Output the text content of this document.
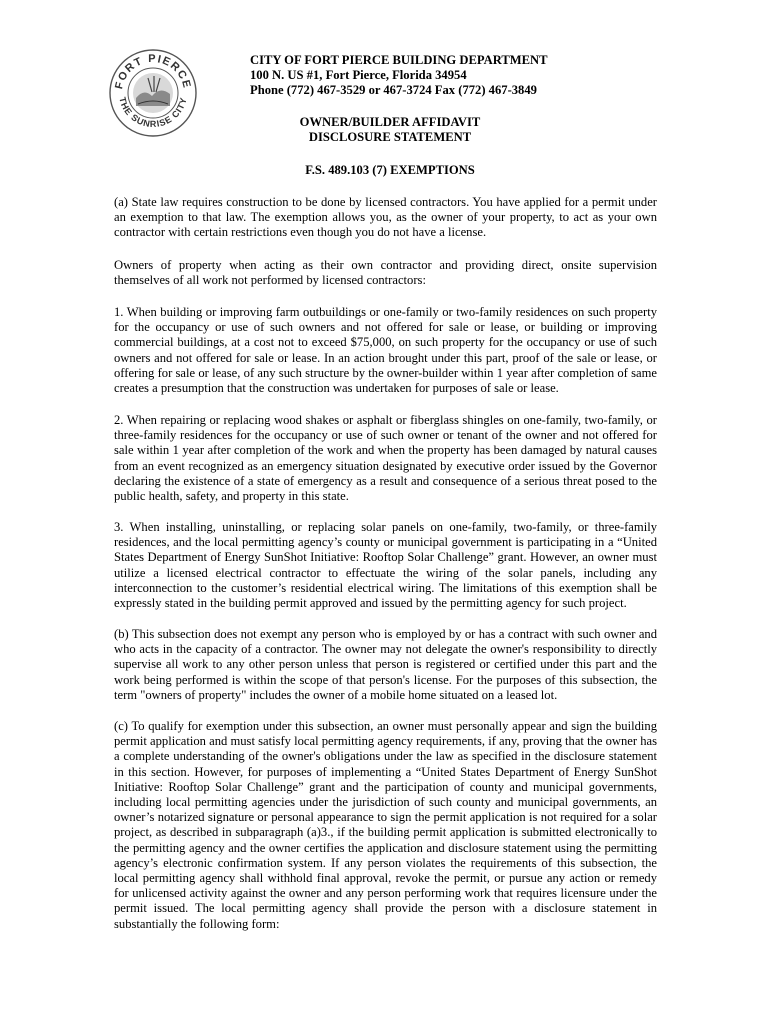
FORT PIERCE
THE SUNRISE CITY
CITY OF FORT PIERCE BUILDING DEPARTMENT
100 N. US #1, Fort Pierce, Florida 34954
Phone (772) 467-3529 or 467-3724 Fax (772) 467-3849
OWNER/BUILDER AFFIDAVIT
DISCLOSURE STATEMENT
F.S. 489.103 (7) EXEMPTIONS

(a) State law requires construction to be done by licensed contractors. You have applied for a permit under an exemption to that law. The exemption allows you, as the owner of your property, to act as your own contractor with certain restrictions even though you do not have a license.

Owners of property when acting as their own contractor and providing direct, onsite supervision themselves of all work not performed by licensed contractors:

1. When building or improving farm outbuildings or one-family or two-family residences on such property for the occupancy or use of such owners and not offered for sale or lease, or building or improving commercial buildings, at a cost not to exceed $75,000, on such property for the occupancy or use of such owners and not offered for sale or lease. In an action brought under this part, proof of the sale or lease, or offering for sale or lease, of any such structure by the owner-builder within 1 year after completion of same creates a presumption that the construction was undertaken for purposes of sale or lease.

2. When repairing or replacing wood shakes or asphalt or fiberglass shingles on one-family, two-family, or three-family residences for the occupancy or use of such owner or tenant of the owner and not offered for sale within 1 year after completion of the work and when the property has been damaged by natural causes from an event recognized as an emergency situation designated by executive order issued by the Governor declaring the existence of a state of emergency as a result and consequence of a serious threat posed to the public health, safety, and property in this state.

3. When installing, uninstalling, or replacing solar panels on one-family, two-family, or three-family residences, and the local permitting agency’s county or municipal government is participating in a “United States Department of Energy SunShot Initiative: Rooftop Solar Challenge” grant. However, an owner must utilize a licensed electrical contractor to effectuate the wiring of the solar panels, including any interconnection to the customer’s residential electrical wiring. The limitations of this exemption shall be expressly stated in the building permit approved and issued by the permitting agency for such project.

(b) This subsection does not exempt any person who is employed by or has a contract with such owner and who acts in the capacity of a contractor. The owner may not delegate the owner's responsibility to directly supervise all work to any other person unless that person is registered or certified under this part and the work being performed is within the scope of that person's license. For the purposes of this subsection, the term "owners of property" includes the owner of a mobile home situated on a leased lot.

(c) To qualify for exemption under this subsection, an owner must personally appear and sign the building permit application and must satisfy local permitting agency requirements, if any, proving that the owner has a complete understanding of the owner's obligations under the law as specified in the disclosure statement in this section. However, for purposes of implementing a “United States Department of Energy SunShot Initiative: Rooftop Solar Challenge” grant and the participation of county and municipal governments, including local permitting agencies under the jurisdiction of such county and municipal governments, an owner’s notarized signature or personal appearance to sign the permit application is not required for a solar project, as described in subparagraph (a)3., if the building permit application is submitted electronically to the permitting agency and the owner certifies the application and disclosure statement using the permitting agency’s electronic confirmation system. If any person violates the requirements of this subsection, the local permitting agency shall withhold final approval, revoke the permit, or pursue any action or remedy for unlicensed activity against the owner and any person performing work that requires licensure under the permit issued. The local permitting agency shall provide the person with a disclosure statement in substantially the following form:
